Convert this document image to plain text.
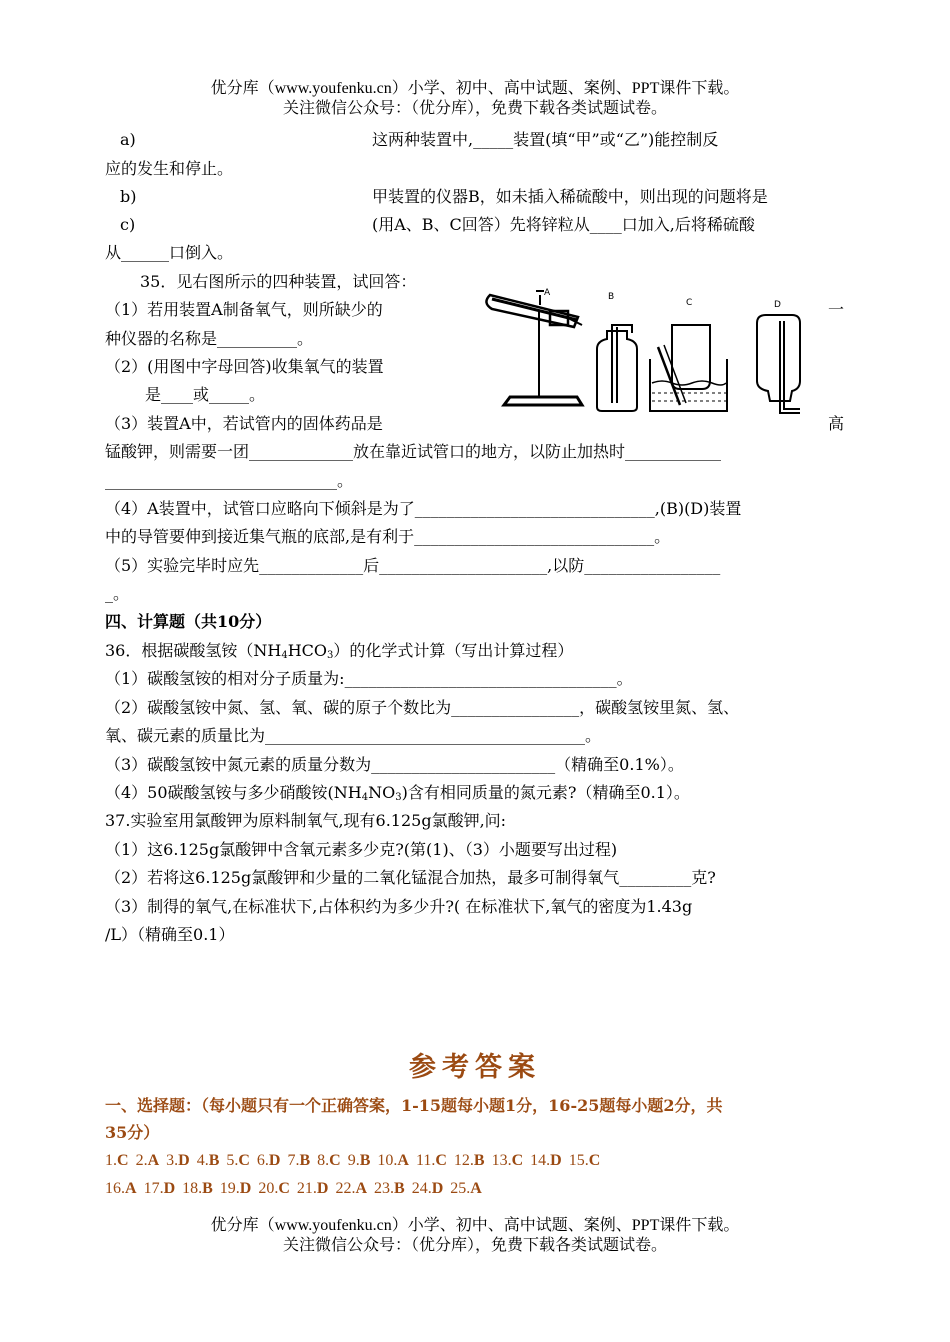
优分库（www.youfenku.cn）小学、初中、高中试题、案例、PPT课件下载。
关注微信公众号：（优分库），免费下载各类试题试卷。
a)	这两种装置中,_____装置(填“甲”或“乙”)能控制反
应的发生和停止。
b)	甲装置的仪器B，如未插入稀硫酸中，则出现的问题将是
c)	(用A、B、C回答）先将锌粒从____口加入,后将稀硫酸
从______口倒入。
35．见右图所示的四种装置，试回答：
（1）若用装置A制备氧气，则所缺少的	一
种仪器的名称是__________。
（2）(用图中字母回答)收集氧气的装置
是____或_____。
（3）装置A中，若试管内的固体药品是	高
锰酸钾，则需要一团_____________放在靠近试管口的地方，以防止加热时____________
_____________________________。
（4）A装置中，试管口应略向下倾斜是为了______________________________,(B)(D)装置
中的导管要伸到接近集气瓶的底部,是有利于______________________________。
（5）实验完毕时应先_____________后_____________________,以防_________________
_。
A	B
C	D
四、计算题（共10分）
36．根据碳酸氢铵$(NH_4HCO_3)$的化学式计算（写出计算过程）
（1）碳酸氢铵的相对分子质量为:__________________________________。
（2）碳酸氢铵中氮、氢、氧、碳的原子个数比为________________，碳酸氢铵里氮、氢、
氧、碳元素的质量比为________________________________________。
（3）碳酸氢铵中氮元素的质量分数为_______________________（精确至0.1%）。
（4）50碳酸氢铵与多少硝酸铵$(NH_4NO_3)$含有相同质量的氮元素?（精确至0.1）。
37.实验室用氯酸钾为原料制氧气,现有6.125g氯酸钾,问:
（1）这6.125g氯酸钾中含氧元素多少克?(第(1)、（3）小题要写出过程)
（2）若将这6.125g氯酸钾和少量的二氧化锰混合加热，最多可制得氧气_________克?
（3）制得的氧气,在标准状下,占体积约为多少升?( 在标准状下,氧气的密度为1.43g
/L）（精确至0.1）
参考答案
一、选择题：（每小题只有一个正确答案，1-15题每小题1分，16-25题每小题2分，共
35分）
1.C 2.A 3.D 4.B 5.C 6.D 7.B 8.C 9.B 10.A 11.C 12.B 13.C 14.D 15.C
16.A 17.D 18.B 19.D 20.C 21.D 22.A 23.B 24.D 25.A
优分库（www.youfenku.cn）小学、初中、高中试题、案例、PPT课件下载。
关注微信公众号：（优分库），免费下载各类试题试卷。
